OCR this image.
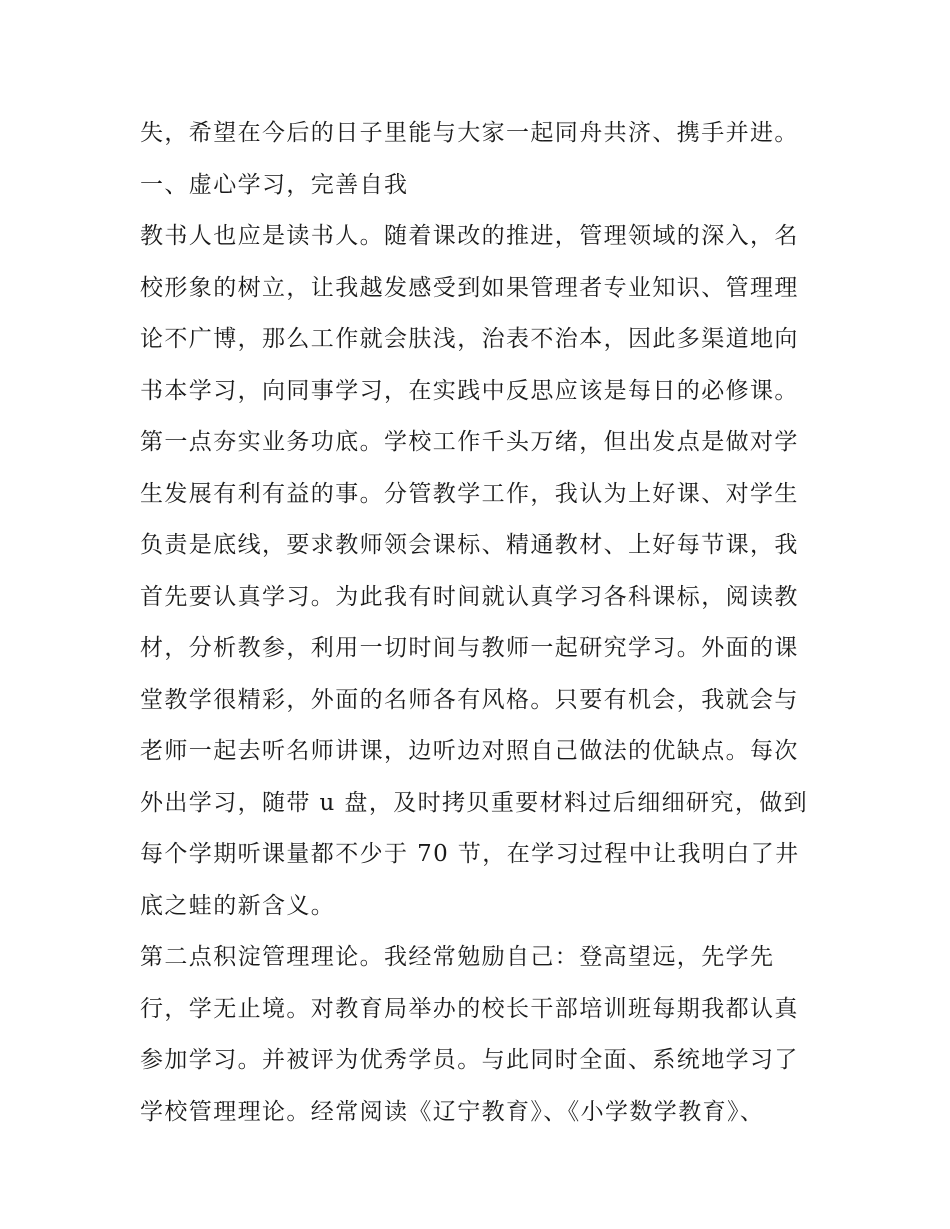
失，希望在今后的日子里能与大家一起同舟共济、携手并进。
一、虚心学习，完善自我
教书人也应是读书人。随着课改的推进，管理领域的深入，名
校形象的树立，让我越发感受到如果管理者专业知识、管理理
论不广博，那么工作就会肤浅，治表不治本，因此多渠道地向
书本学习，向同事学习，在实践中反思应该是每日的必修课。
第一点夯实业务功底。学校工作千头万绪，但出发点是做对学
生发展有利有益的事。分管教学工作，我认为上好课、对学生
负责是底线，要求教师领会课标、精通教材、上好每节课，我
首先要认真学习。为此我有时间就认真学习各科课标，阅读教
材，分析教参，利用一切时间与教师一起研究学习。外面的课
堂教学很精彩，外面的名师各有风格。只要有机会，我就会与
老师一起去听名师讲课，边听边对照自己做法的优缺点。每次
外出学习，随带 u 盘，及时拷贝重要材料过后细细研究，做到
每个学期听课量都不少于 70 节，在学习过程中让我明白了井
底之蛙的新含义。
第二点积淀管理理论。我经常勉励自己：登高望远，先学先
行，学无止境。对教育局举办的校长干部培训班每期我都认真
参加学习。并被评为优秀学员。与此同时全面、系统地学习了
学校管理理论。经常阅读《辽宁教育》、《小学数学教育》、
